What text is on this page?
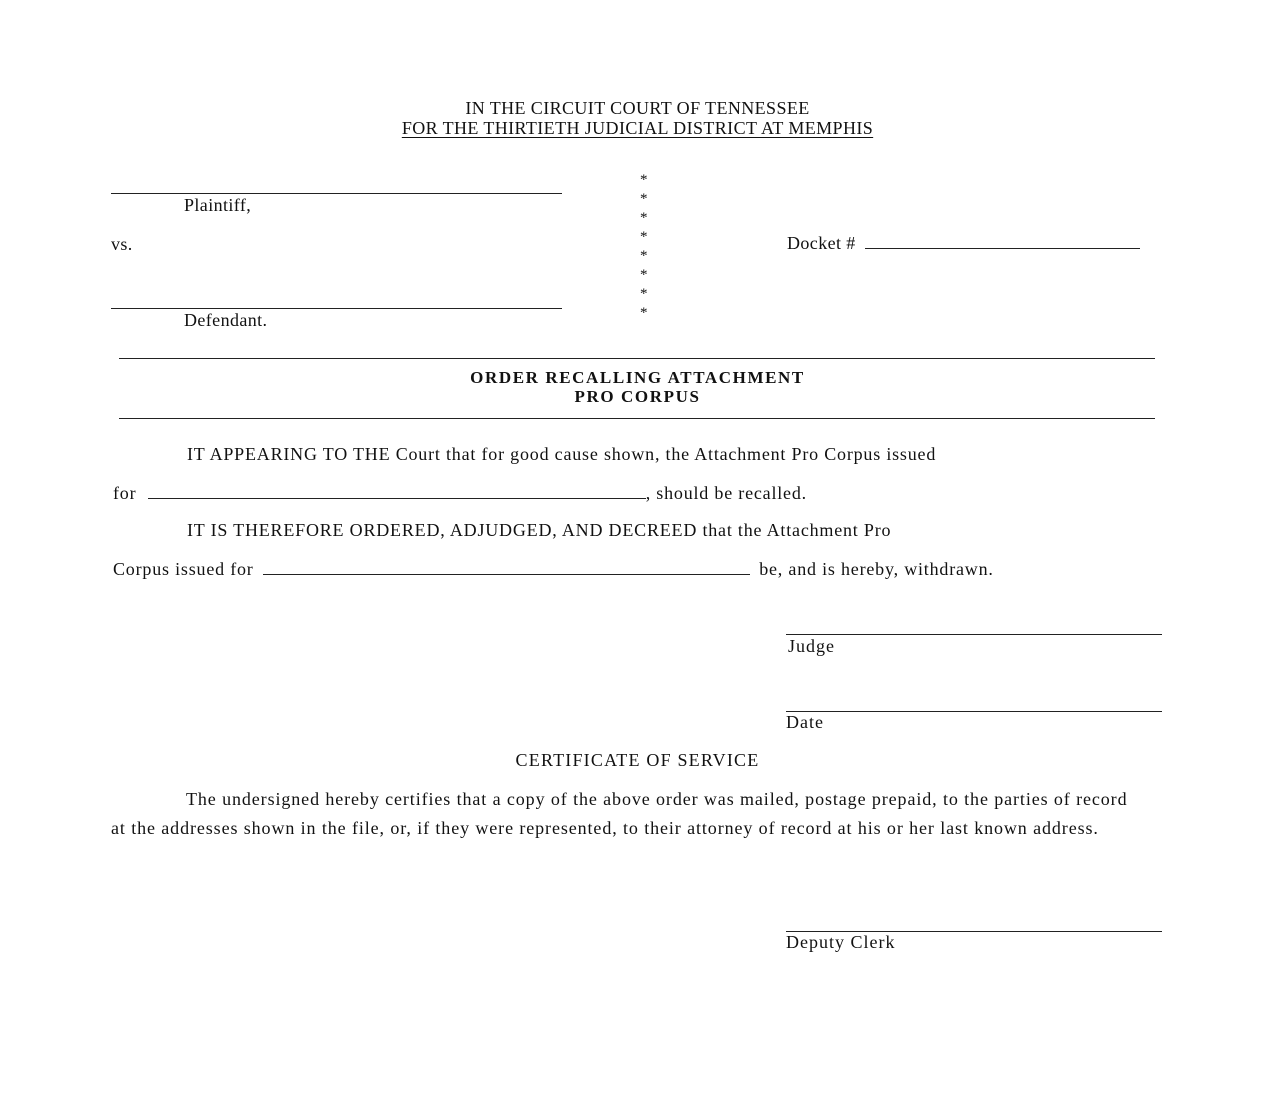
IN THE CIRCUIT COURT OF TENNESSEE
FOR THE THIRTIETH JUDICIAL DISTRICT AT MEMPHIS
Plaintiff,
vs.
Defendant.
*
*
*
*
*
*
*
*
Docket #
ORDER RECALLING ATTACHMENT
PRO CORPUS
IT APPEARING TO THE Court that for good cause shown, the Attachment Pro Corpus issued
for	, should be recalled.
IT IS THEREFORE ORDERED, ADJUDGED, AND DECREED that the Attachment Pro
Corpus issued for	be, and is hereby, withdrawn.
Judge
Date
CERTIFICATE OF SERVICE
The undersigned hereby certifies that a copy of the above order was mailed, postage prepaid, to the parties of record at the addresses shown in the file, or, if they were represented, to their attorney of record at his or her last known address.
Deputy Clerk
